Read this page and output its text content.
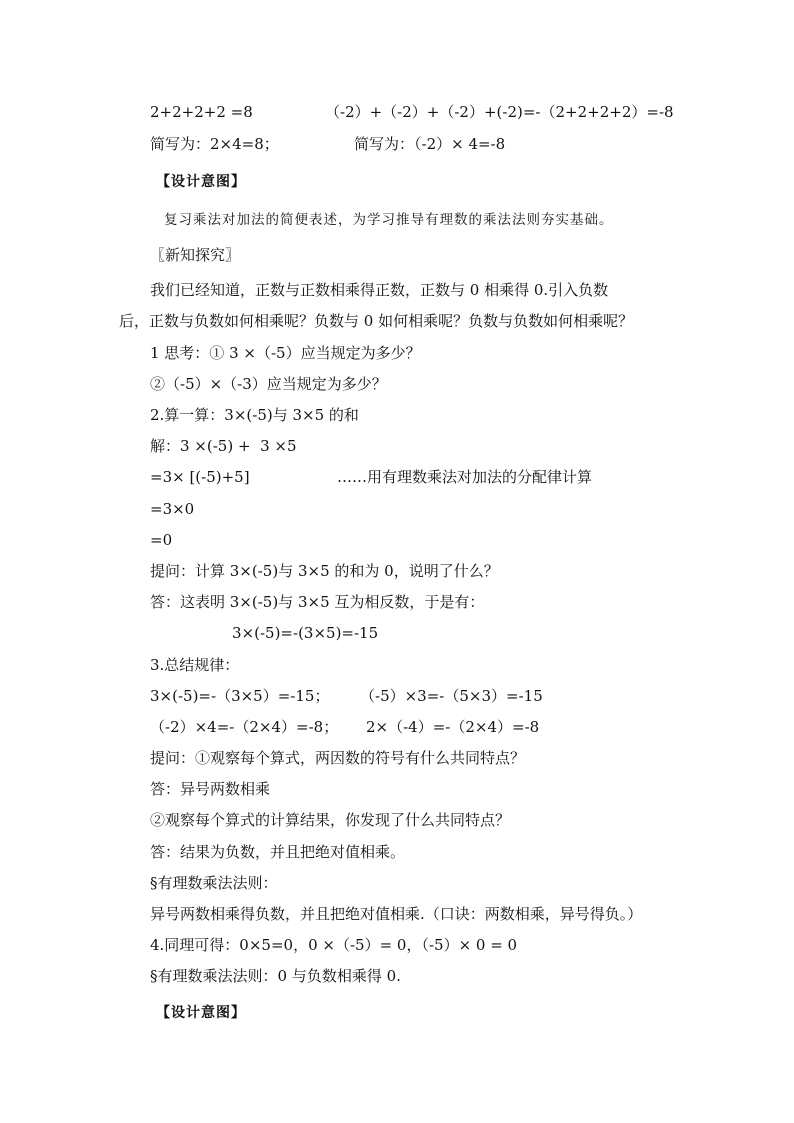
2+2+2+2 =8	（-2）+（-2）+（-2）+(-2)=-（2+2+2+2）=-8
简写为：2×4=8；	简写为：（-2）× 4=-8
【设计意图】
复习乘法对加法的简便表述，为学习推导有理数的乘法法则夯实基础。
〖新知探究〗
我们已经知道，正数与正数相乘得正数，正数与 0 相乘得 0.引入负数
后，正数与负数如何相乘呢？负数与 0 如何相乘呢？负数与负数如何相乘呢？
1 思考：① 3 ×（-5）应当规定为多少？
②（-5）×（-3）应当规定为多少？
2.算一算：3×(-5)与 3×5 的和
解：3 ×(-5) +  3 ×5
=3× [(-5)+5]	……用有理数乘法对加法的分配律计算
=3×0
=0
提问：计算 3×(-5)与 3×5 的和为 0，说明了什么？
答：这表明 3×(-5)与 3×5 互为相反数，于是有：
3×(-5)=-(3×5)=-15
3.总结规律：
3×(-5)=-（3×5）=-15； （-5）×3=-（5×3）=-15
（-2）×4=-（2×4）=-8； 2×（-4）=-（2×4）=-8
提问：①观察每个算式，两因数的符号有什么共同特点？
答：异号两数相乘
②观察每个算式的计算结果，你发现了什么共同特点？
答：结果为负数，并且把绝对值相乘。
§有理数乘法法则：
异号两数相乘得负数，并且把绝对值相乘.（口诀：两数相乘，异号得负。）
4.同理可得：0×5=0，0 ×（-5）= 0，（-5）× 0 = 0
§有理数乘法法则：0 与负数相乘得 0.
【设计意图】
